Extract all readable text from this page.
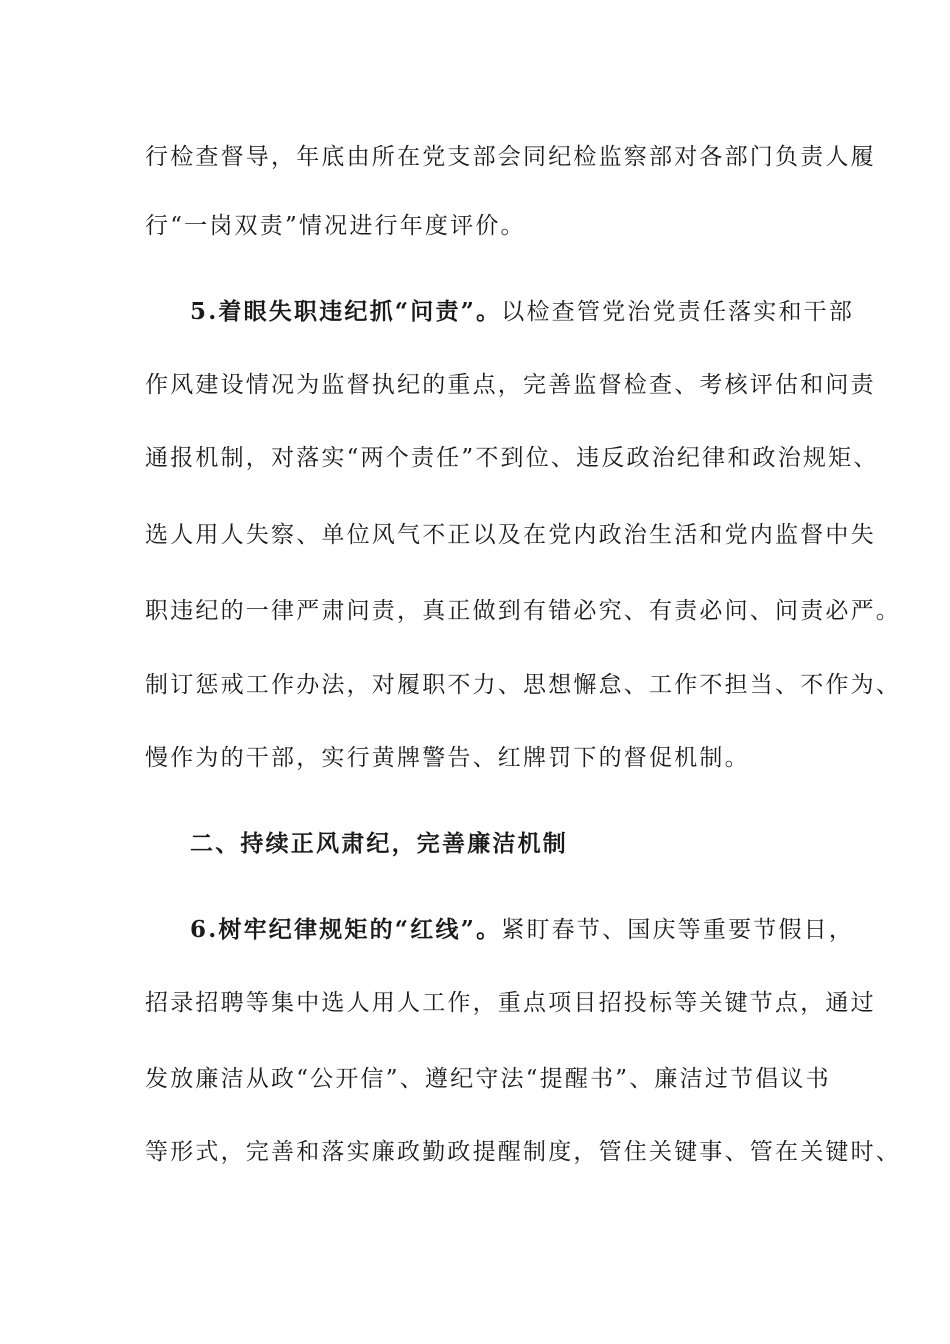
行检查督导，年底由所在党支部会同纪检监察部对各部门负责人履
行“一岗双责”情况进行年度评价。
5.着眼失职违纪抓“问责”。以检查管党治党责任落实和干部
作风建设情况为监督执纪的重点，完善监督检查、考核评估和问责
通报机制，对落实“两个责任”不到位、违反政治纪律和政治规矩、
选人用人失察、单位风气不正以及在党内政治生活和党内监督中失
职违纪的一律严肃问责，真正做到有错必究、有责必问、问责必严。
制订惩戒工作办法，对履职不力、思想懈怠、工作不担当、不作为、
慢作为的干部，实行黄牌警告、红牌罚下的督促机制。
二、持续正风肃纪，完善廉洁机制
6.树牢纪律规矩的“红线”。紧盯春节、国庆等重要节假日，
招录招聘等集中选人用人工作，重点项目招投标等关键节点，通过
发放廉洁从政“公开信”、遵纪守法“提醒书”、廉洁过节倡议书
等形式，完善和落实廉政勤政提醒制度，管住关键事、管在关键时、
